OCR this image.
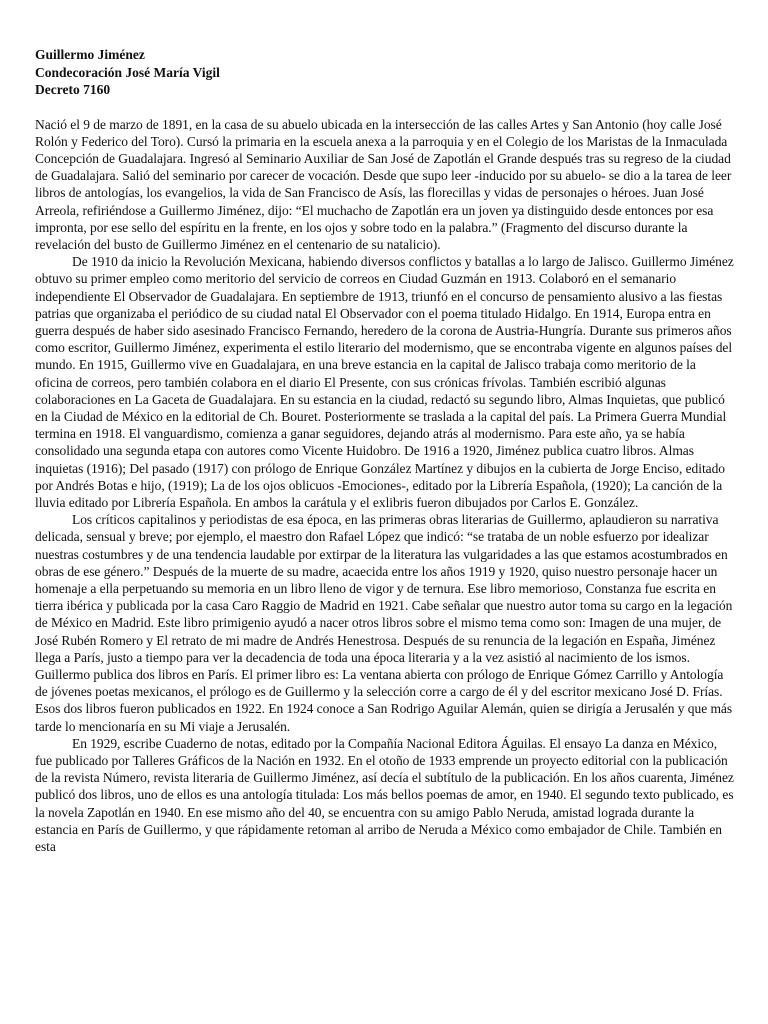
Guillermo Jiménez
Condecoración José María Vigil
Decreto 7160

Nació el 9 de marzo de 1891, en la casa de su abuelo ubicada en la intersección de las calles Artes y San Antonio (hoy calle José Rolón y Federico del Toro). Cursó la primaria en la escuela anexa a la parroquia y en el Colegio de los Maristas de la Inmaculada Concepción de Guadalajara. Ingresó al Seminario Auxiliar de San José de Zapotlán el Grande después tras su regreso de la ciudad de Guadalajara. Salió del seminario por carecer de vocación. Desde que supo leer -inducido por su abuelo- se dio a la tarea de leer libros de antologías, los evangelios, la vida de San Francisco de Asís, las florecillas y vidas de personajes o héroes. Juan José Arreola, refiriéndose a Guillermo Jiménez, dijo: “El muchacho de Zapotlán era un joven ya distinguido desde entonces por esa impronta, por ese sello del espíritu en la frente, en los ojos y sobre todo en la palabra.” (Fragmento del discurso durante la revelación del busto de Guillermo Jiménez en el centenario de su natalicio).

De 1910 da inicio la Revolución Mexicana, habiendo diversos conflictos y batallas a lo largo de Jalisco. Guillermo Jiménez obtuvo su primer empleo como meritorio del servicio de correos en Ciudad Guzmán en 1913. Colaboró en el semanario independiente El Observador de Guadalajara. En septiembre de 1913, triunfó en el concurso de pensamiento alusivo a las fiestas patrias que organizaba el periódico de su ciudad natal El Observador con el poema titulado Hidalgo. En 1914, Europa entra en guerra después de haber sido asesinado Francisco Fernando, heredero de la corona de Austria-Hungría. Durante sus primeros años como escritor, Guillermo Jiménez, experimenta el estilo literario del modernismo, que se encontraba vigente en algunos países del mundo. En 1915, Guillermo vive en Guadalajara, en una breve estancia en la capital de Jalisco trabaja como meritorio de la oficina de correos, pero también colabora en el diario El Presente, con sus crónicas frívolas. También escribió algunas colaboraciones en La Gaceta de Guadalajara. En su estancia en la ciudad, redactó su segundo libro, Almas Inquietas, que publicó en la Ciudad de México en la editorial de Ch. Bouret. Posteriormente se traslada a la capital del país. La Primera Guerra Mundial termina en 1918. El vanguardismo, comienza a ganar seguidores, dejando atrás al modernismo. Para este año, ya se había consolidado una segunda etapa con autores como Vicente Huidobro. De 1916 a 1920, Jiménez publica cuatro libros. Almas inquietas (1916); Del pasado (1917) con prólogo de Enrique González Martínez y dibujos en la cubierta de Jorge Enciso, editado por Andrés Botas e hijo, (1919); La de los ojos oblicuos -Emociones-, editado por la Librería Española, (1920); La canción de la lluvia editado por Librería Española. En ambos la carátula y el exlibris fueron dibujados por Carlos E. González.

Los críticos capitalinos y periodistas de esa época, en las primeras obras literarias de Guillermo, aplaudieron su narrativa delicada, sensual y breve; por ejemplo, el maestro don Rafael López que indicó: “se trataba de un noble esfuerzo por idealizar nuestras costumbres y de una tendencia laudable por extirpar de la literatura las vulgaridades a las que estamos acostumbrados en obras de ese género.” Después de la muerte de su madre, acaecida entre los años 1919 y 1920, quiso nuestro personaje hacer un homenaje a ella perpetuando su memoria en un libro lleno de vigor y de ternura. Ese libro memorioso, Constanza fue escrita en tierra ibérica y publicada por la casa Caro Raggio de Madrid en 1921. Cabe señalar que nuestro autor toma su cargo en la legación de México en Madrid. Este libro primigenio ayudó a nacer otros libros sobre el mismo tema como son: Imagen de una mujer, de José Rubén Romero y El retrato de mi madre de Andrés Henestrosa. Después de su renuncia de la legación en España, Jiménez llega a París, justo a tiempo para ver la decadencia de toda una época literaria y a la vez asistió al nacimiento de los ismos. Guillermo publica dos libros en París. El primer libro es: La ventana abierta con prólogo de Enrique Gómez Carrillo y Antología de jóvenes poetas mexicanos, el prólogo es de Guillermo y la selección corre a cargo de él y del escritor mexicano José D. Frías. Esos dos libros fueron publicados en 1922. En 1924 conoce a San Rodrigo Aguilar Alemán, quien se dirigía a Jerusalén y que más tarde lo mencionaría en su Mi viaje a Jerusalén.

En 1929, escribe Cuaderno de notas, editado por la Compañía Nacional Editora Águilas. El ensayo La danza en México, fue publicado por Talleres Gráficos de la Nación en 1932. En el otoño de 1933 emprende un proyecto editorial con la publicación de la revista Número, revista literaria de Guillermo Jiménez, así decía el subtítulo de la publicación. En los años cuarenta, Jiménez publicó dos libros, uno de ellos es una antología titulada: Los más bellos poemas de amor, en 1940. El segundo texto publicado, es la novela Zapotlán en 1940. En ese mismo año del 40, se encuentra con su amigo Pablo Neruda, amistad lograda durante la estancia en París de Guillermo, y que rápidamente retoman al arribo de Neruda a México como embajador de Chile. También en esta
